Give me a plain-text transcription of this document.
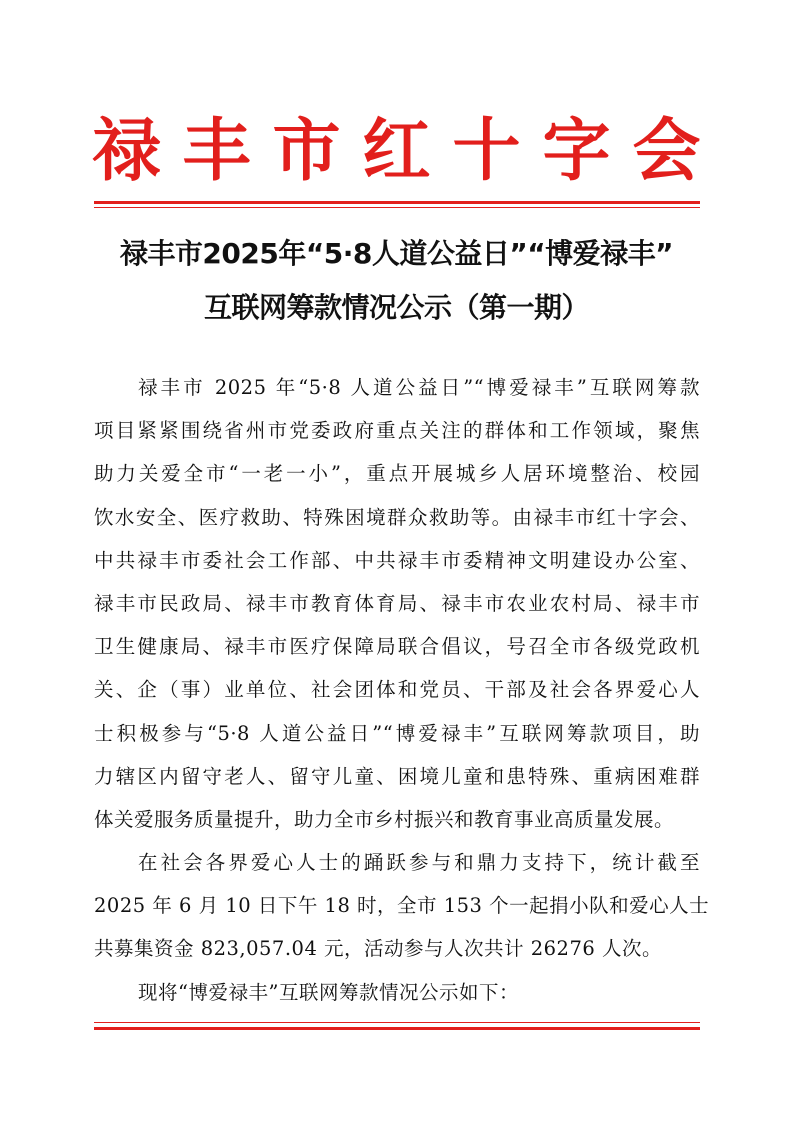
禄丰市红十字会
禄丰市2025年“5·8人道公益日”“博爱禄丰”
互联网筹款情况公示（第一期）
禄丰市 2025 年“5·8 人道公益日”“博爱禄丰”互联网筹款
项目紧紧围绕省州市党委政府重点关注的群体和工作领域，聚焦
助力关爱全市“一老一小”，重点开展城乡人居环境整治、校园
饮水安全、医疗救助、特殊困境群众救助等。由禄丰市红十字会、
中共禄丰市委社会工作部、中共禄丰市委精神文明建设办公室、
禄丰市民政局、禄丰市教育体育局、禄丰市农业农村局、禄丰市
卫生健康局、禄丰市医疗保障局联合倡议，号召全市各级党政机
关、企（事）业单位、社会团体和党员、干部及社会各界爱心人
士积极参与“5·8 人道公益日”“博爱禄丰”互联网筹款项目，助
力辖区内留守老人、留守儿童、困境儿童和患特殊、重病困难群
体关爱服务质量提升，助力全市乡村振兴和教育事业高质量发展。
在社会各界爱心人士的踊跃参与和鼎力支持下，统计截至
2025 年 6 月 10 日下午 18 时，全市 153 个一起捐小队和爱心人士
共募集资金 823,057.04 元，活动参与人次共计 26276 人次。
现将“博爱禄丰”互联网筹款情况公示如下：
